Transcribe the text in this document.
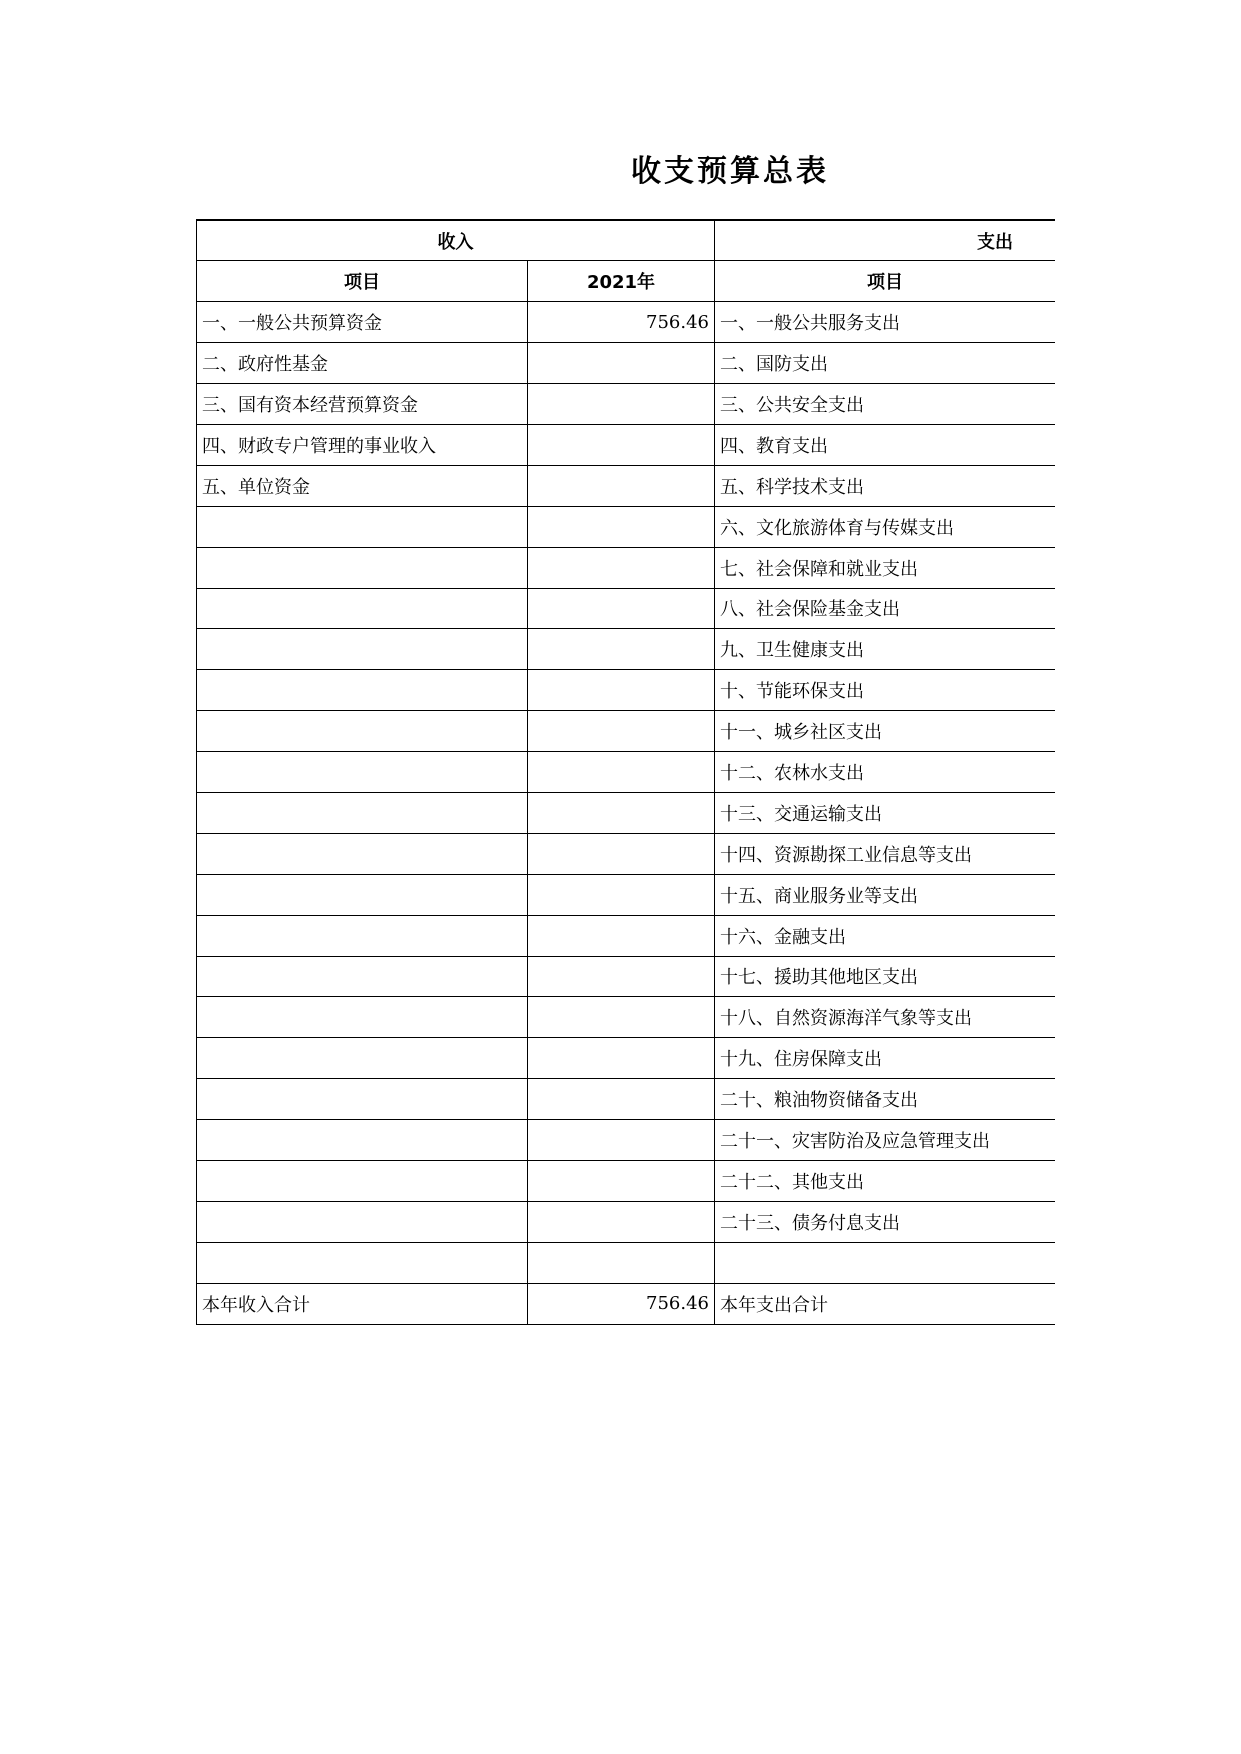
收支预算总表
收入		支出	
项目	2021年	项目	
一、一般公共预算资金	756.46	一、一般公共服务支出	
二、政府性基金		二、国防支出	
三、国有资本经营预算资金		三、公共安全支出	
四、财政专户管理的事业收入		四、教育支出	
五、单位资金		五、科学技术支出	
		六、文化旅游体育与传媒支出	
		七、社会保障和就业支出	
		八、社会保险基金支出	
		九、卫生健康支出	
		十、节能环保支出	
		十一、城乡社区支出	
		十二、农林水支出	
		十三、交通运输支出	
		十四、资源勘探工业信息等支出	
		十五、商业服务业等支出	
		十六、金融支出	
		十七、援助其他地区支出	
		十八、自然资源海洋气象等支出	
		十九、住房保障支出	
		二十、粮油物资储备支出	
		二十一、灾害防治及应急管理支出	
		二十二、其他支出	
		二十三、债务付息支出	

本年收入合计	756.46	本年支出合计	
